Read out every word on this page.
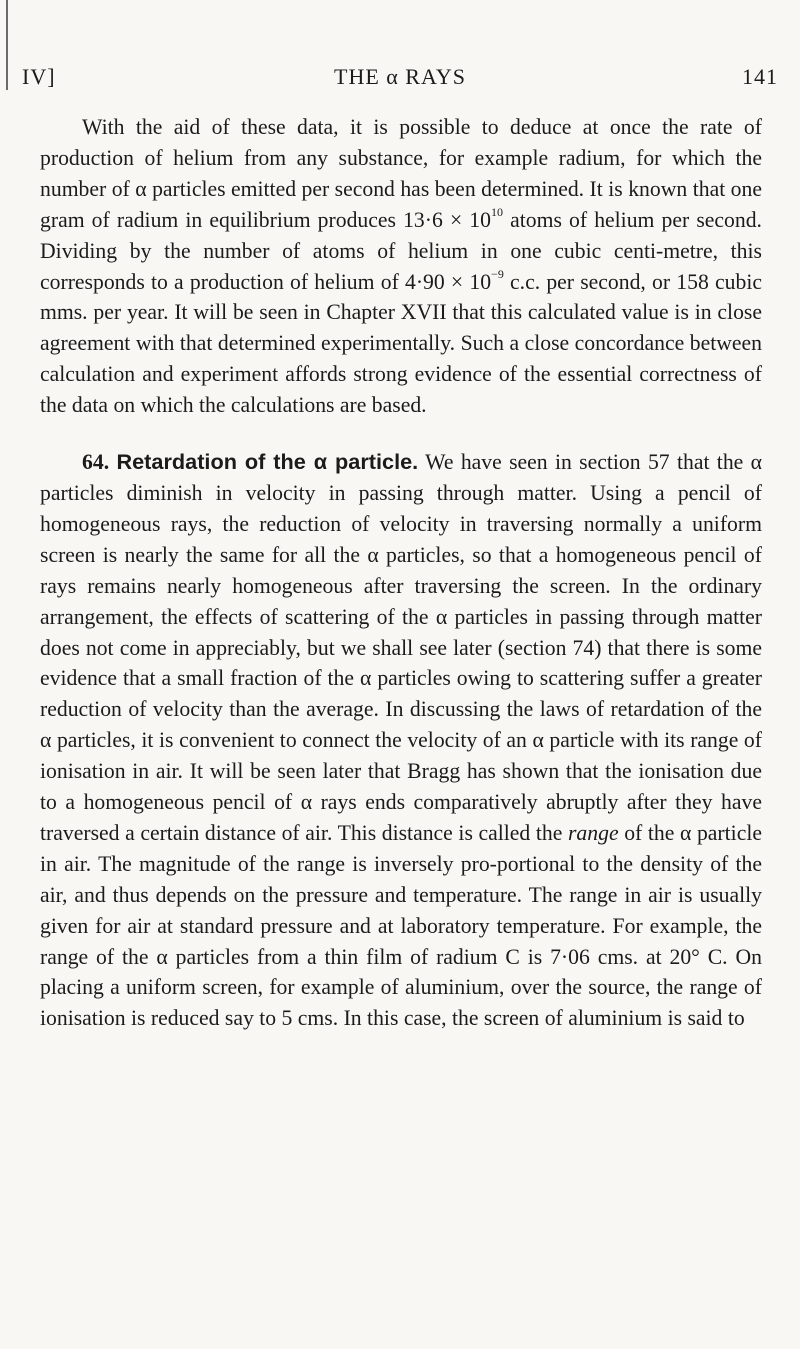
IV]	THE α RAYS	141

With the aid of these data, it is possible to deduce at once the rate of production of helium from any substance, for example radium, for which the number of α particles emitted per second has been determined. It is known that one gram of radium in equilibrium produces $13\cdot 6 \times 10^{10}$ atoms of helium per second. Dividing by the number of atoms of helium in one cubic centi-metre, this corresponds to a production of helium of $4\cdot 90 \times 10^{-9}$ c.c. per second, or 158 cubic mms. per year. It will be seen in Chapter XVII that this calculated value is in close agreement with that determined experimentally. Such a close concordance between calculation and experiment affords strong evidence of the essential correctness of the data on which the calculations are based.

64. Retardation of the α particle. We have seen in section 57 that the α particles diminish in velocity in passing through matter. Using a pencil of homogeneous rays, the reduction of velocity in traversing normally a uniform screen is nearly the same for all the α particles, so that a homogeneous pencil of rays remains nearly homogeneous after traversing the screen. In the ordinary arrangement, the effects of scattering of the α particles in passing through matter does not come in appreciably, but we shall see later (section 74) that there is some evidence that a small fraction of the α particles owing to scattering suffer a greater reduction of velocity than the average. In discussing the laws of retardation of the α particles, it is convenient to connect the velocity of an α particle with its range of ionisation in air. It will be seen later that Bragg has shown that the ionisation due to a homogeneous pencil of α rays ends comparatively abruptly after they have traversed a certain distance of air. This distance is called the range of the α particle in air. The magnitude of the range is inversely pro-portional to the density of the air, and thus depends on the pressure and temperature. The range in air is usually given for air at standard pressure and at laboratory temperature. For example, the range of the α particles from a thin film of radium C is 7·06 cms. at 20° C. On placing a uniform screen, for example of aluminium, over the source, the range of ionisation is reduced say to 5 cms. In this case, the screen of aluminium is said to
